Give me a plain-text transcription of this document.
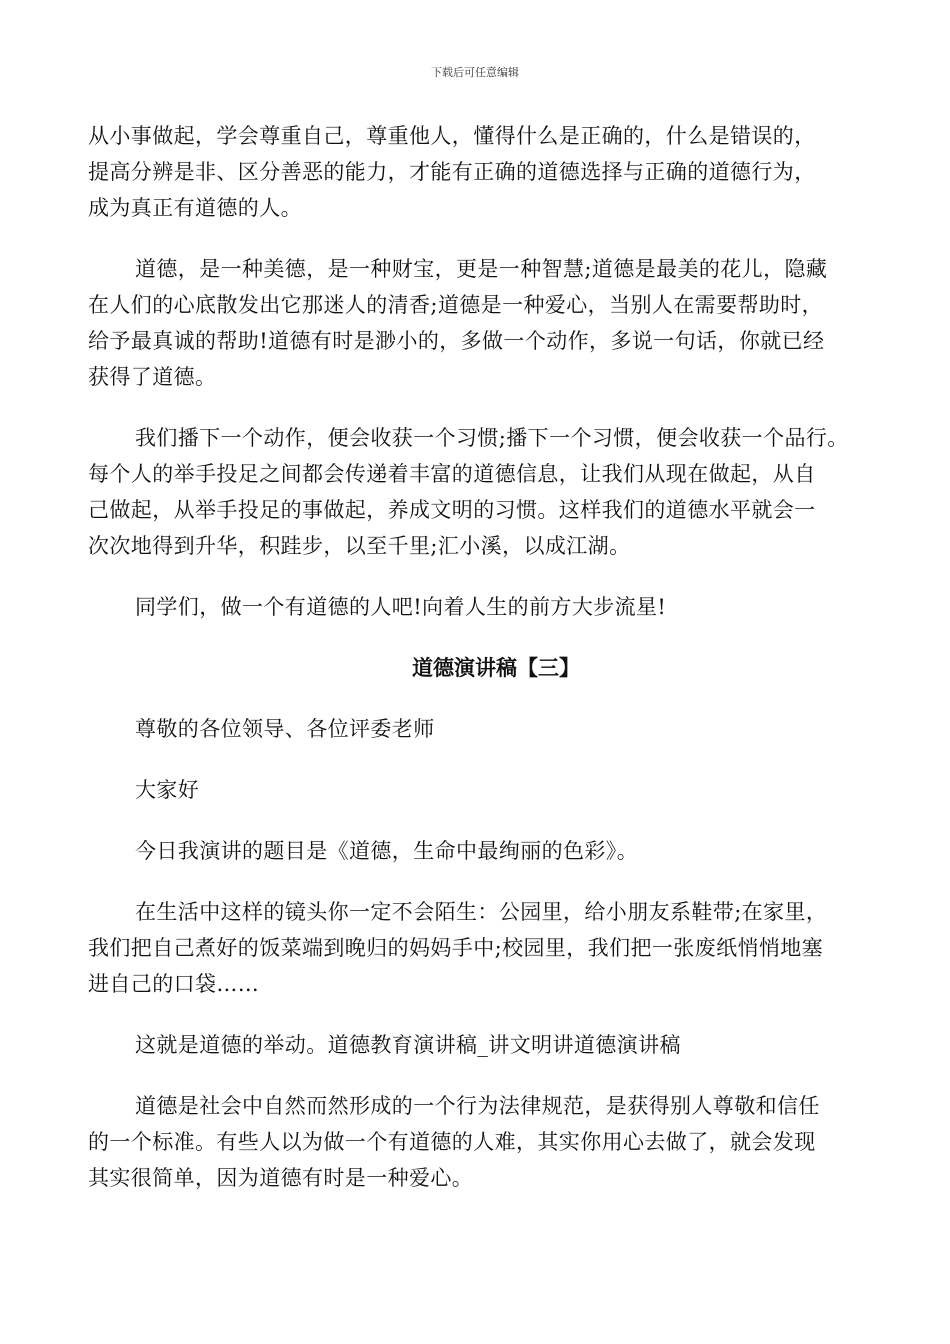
下载后可任意编辑
从小事做起，学会尊重自己，尊重他人，懂得什么是正确的，什么是错误的，
提高分辨是非、区分善恶的能力，才能有正确的道德选择与正确的道德行为，
成为真正有道德的人。
道德，是一种美德，是一种财宝，更是一种智慧;道德是最美的花儿，隐藏
在人们的心底散发出它那迷人的清香;道德是一种爱心，当别人在需要帮助时，
给予最真诚的帮助!道德有时是渺小的，多做一个动作，多说一句话，你就已经
获得了道德。
我们播下一个动作，便会收获一个习惯;播下一个习惯，便会收获一个品行。
每个人的举手投足之间都会传递着丰富的道德信息，让我们从现在做起，从自
己做起，从举手投足的事做起，养成文明的习惯。这样我们的道德水平就会一
次次地得到升华，积跬步，以至千里;汇小溪，以成江湖。
同学们，做一个有道德的人吧!向着人生的前方大步流星!
道德演讲稿【三】
尊敬的各位领导、各位评委老师
大家好
今日我演讲的题目是《道德，生命中最绚丽的色彩》。
在生活中这样的镜头你一定不会陌生：公园里，给小朋友系鞋带;在家里，
我们把自己煮好的饭菜端到晚归的妈妈手中;校园里，我们把一张废纸悄悄地塞
进自己的口袋……
这就是道德的举动。道德教育演讲稿_讲文明讲道德演讲稿
道德是社会中自然而然形成的一个行为法律规范，是获得别人尊敬和信任
的一个标准。有些人以为做一个有道德的人难，其实你用心去做了，就会发现
其实很简单，因为道德有时是一种爱心。
